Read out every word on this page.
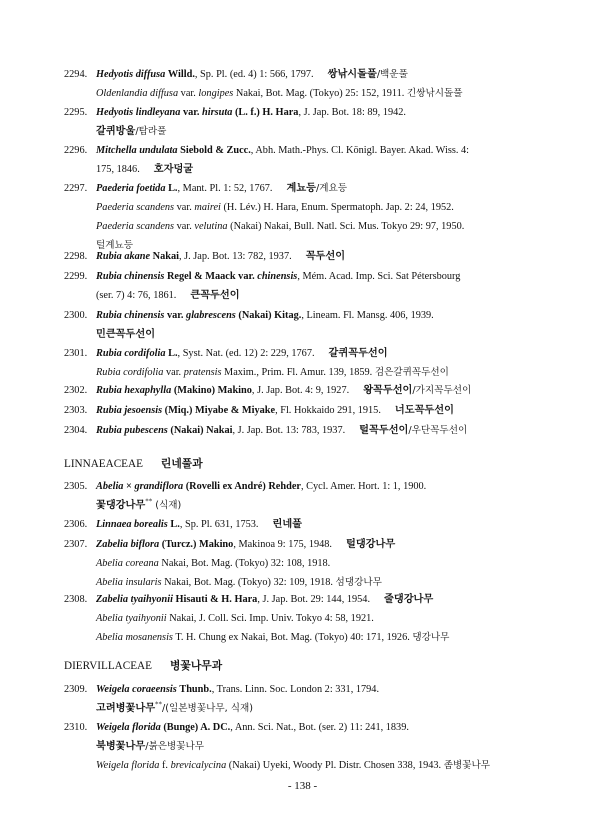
2294. Hedyotis diffusa Willd., Sp. Pl. (ed. 4) 1: 566, 1797. 쌍낚시돌풀/백운풀
Oldenlandia diffusa var. longipes Nakai, Bot. Mag. (Tokyo) 25: 152, 1911. 긴쌍낚시돌풀
2295. Hedyotis lindleyana var. hirsuta (L. f.) H. Hara, J. Jap. Bot. 18: 89, 1942.
갈퀴방울/탐라풀
2296. Mitchella undulata Siebold & Zucc., Abh. Math.-Phys. Cl. Königl. Bayer. Akad. Wiss. 4:
175, 1846. 호자덩굴
2297. Paederia foetida L., Mant. Pl. 1: 52, 1767. 계뇨등/계요등
Paederia scandens var. mairei (H. Lév.) H. Hara, Enum. Spermatoph. Jap. 2: 24, 1952.
Paederia scandens var. velutina (Nakai) Nakai, Bull. Natl. Sci. Mus. Tokyo 29: 97, 1950.
털계뇨등
2298. Rubia akane Nakai, J. Jap. Bot. 13: 782, 1937. 꼭두선이
2299. Rubia chinensis Regel & Maack var. chinensis, Mém. Acad. Imp. Sci. Sat Pétersbourg
(ser. 7) 4: 76, 1861. 큰꼭두선이
2300. Rubia chinensis var. glabrescens (Nakai) Kitag., Lineam. Fl. Mansg. 406, 1939.
민큰꼭두선이
2301. Rubia cordifolia L., Syst. Nat. (ed. 12) 2: 229, 1767. 갈퀴꼭두선이
Rubia cordifolia var. pratensis Maxim., Prim. Fl. Amur. 139, 1859. 검은갈퀴꼭두선이
2302. Rubia hexaphylla (Makino) Makino, J. Jap. Bot. 4: 9, 1927. 왕꼭두선이/가지꼭두선이
2303. Rubia jesoensis (Miq.) Miyabe & Miyake, Fl. Hokkaido 291, 1915. 너도꼭두선이
2304. Rubia pubescens (Nakai) Nakai, J. Jap. Bot. 13: 783, 1937. 털꼭두선이/우단꼭두선이
LINNAEACEAE 린네풀과
2305. Abelia × grandiflora (Rovelli ex André) Rehder, Cycl. Amer. Hort. 1: 1, 1900.
꽃댕강나무** (식재)
2306. Linnaea borealis L., Sp. Pl. 631, 1753. 린네풀
2307. Zabelia biflora (Turcz.) Makino, Makinoa 9: 175, 1948. 털댕강나무
Abelia coreana Nakai, Bot. Mag. (Tokyo) 32: 108, 1918.
Abelia insularis Nakai, Bot. Mag. (Tokyo) 32: 109, 1918. 섬댕강나무
2308. Zabelia tyaihyonii Hisauti & H. Hara, J. Jap. Bot. 29: 144, 1954. 줄댕강나무
Abelia tyaihyonii Nakai, J. Coll. Sci. Imp. Univ. Tokyo 4: 58, 1921.
Abelia mosanensis T. H. Chung ex Nakai, Bot. Mag. (Tokyo) 40: 171, 1926. 댕강나무
DIERVILLACEAE 병꽃나무과
2309. Weigela coraeensis Thunb., Trans. Linn. Soc. London 2: 331, 1794.
고려병꽃나무**/(일본병꽃나무, 식재)
2310. Weigela florida (Bunge) A. DC., Ann. Sci. Nat., Bot. (ser. 2) 11: 241, 1839.
북병꽃나무/붉은병꽃나무
Weigela florida f. brevicalycina (Nakai) Uyeki, Woody Pl. Distr. Chosen 338, 1943. 좀병꽃나무
- 138 -
